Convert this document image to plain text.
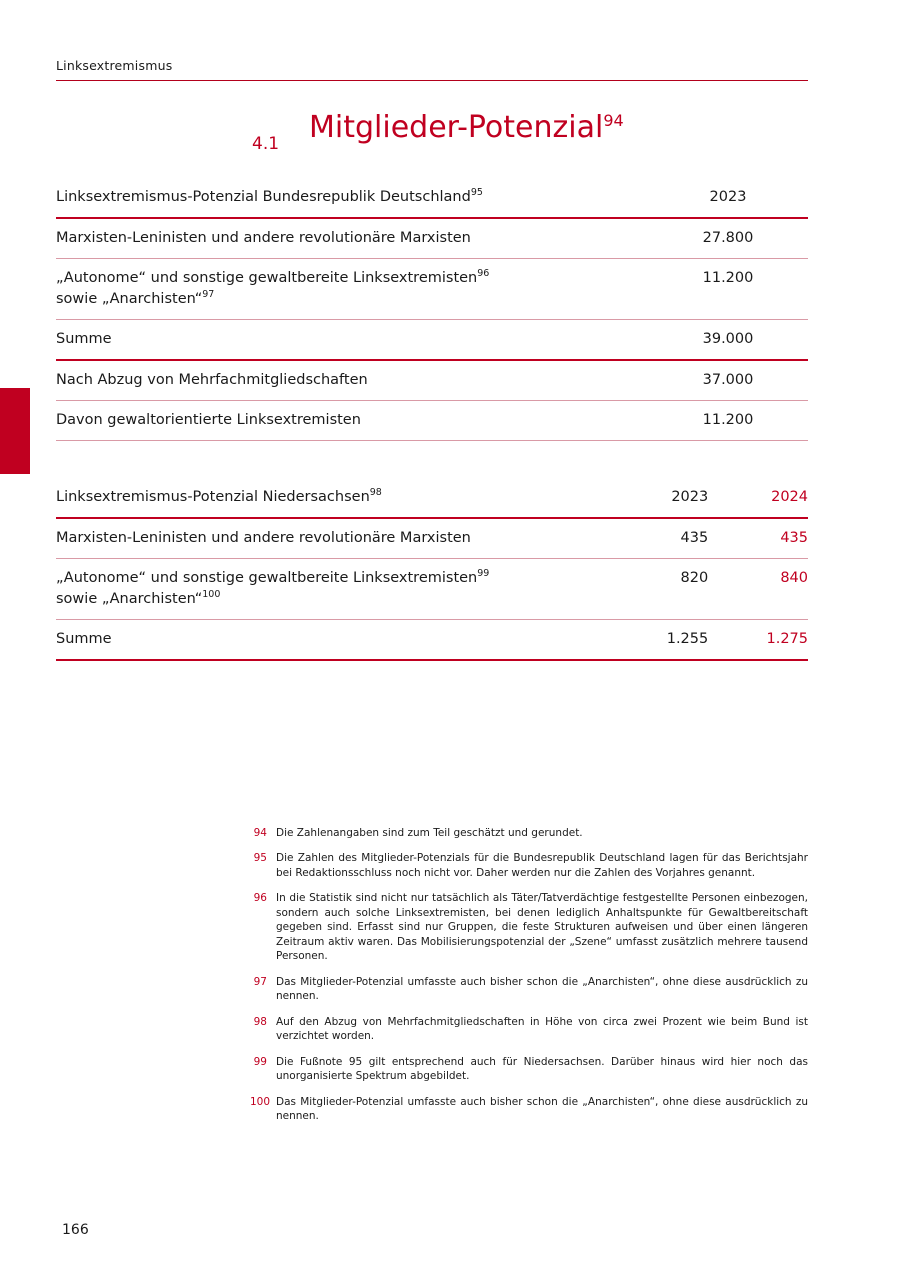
Linksextremismus
4.1 Mitglieder-Potenzial$^{94}$
Linksextremismus-Potenzial Bundesrepublik Deutschland$^{95}$	2023
Marxisten-Leninisten und andere revolutionäre Marxisten	27.800
„Autonome“ und sonstige gewaltbereite Linksextremisten$^{96}$
sowie „Anarchisten“$^{97}$	11.200
Summe	39.000
Nach Abzug von Mehrfachmitgliedschaften	37.000
Davon gewaltorientierte Linksextremisten	11.200
Linksextremismus-Potenzial Niedersachsen$^{98}$	2023	2024
Marxisten-Leninisten und andere revolutionäre Marxisten	435	435
„Autonome“ und sonstige gewaltbereite Linksextremisten$^{99}$
sowie „Anarchisten“$^{100}$	820	840
Summe	1.255	1.275
94 Die Zahlenangaben sind zum Teil geschätzt und gerundet.
95 Die Zahlen des Mitglieder-Potenzials für die Bundesrepublik Deutschland lagen für das Berichtsjahr bei Redaktionsschluss noch nicht vor. Daher werden nur die Zahlen des Vorjahres genannt.
96 In die Statistik sind nicht nur tatsächlich als Täter/Tatverdächtige festgestellte Personen einbezogen, sondern auch solche Linksextremisten, bei denen lediglich Anhaltspunkte für Gewaltbereitschaft gegeben sind. Erfasst sind nur Gruppen, die feste Strukturen aufweisen und über einen längeren Zeitraum aktiv waren. Das Mobilisierungspotenzial der „Szene“ umfasst zusätzlich mehrere tausend Personen.
97 Das Mitglieder-Potenzial umfasste auch bisher schon die „Anarchisten“, ohne diese ausdrücklich zu nennen.
98 Auf den Abzug von Mehrfachmitgliedschaften in Höhe von circa zwei Prozent wie beim Bund ist verzichtet worden.
99 Die Fußnote 95 gilt entsprechend auch für Niedersachsen. Darüber hinaus wird hier noch das unorganisierte Spektrum abgebildet.
100 Das Mitglieder-Potenzial umfasste auch bisher schon die „Anarchisten“, ohne diese ausdrücklich zu nennen.
166
